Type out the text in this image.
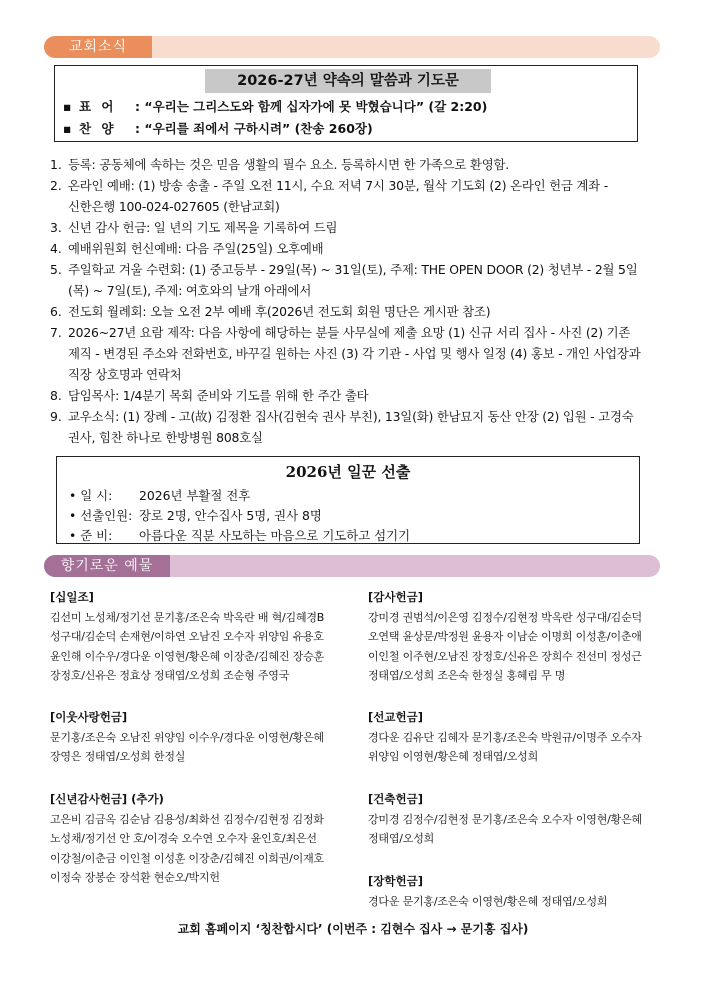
교회소식
2026-27년 약속의 말씀과 기도문
▪ 표 어 : “우리는 그리스도와 함께 십자가에 못 박혔습니다” (갈 2:20)
▪ 찬 양 : “우리를 죄에서 구하시려” (찬송 260장)
1. 등록: 공동체에 속하는 것은 믿음 생활의 필수 요소. 등록하시면 한 가족으로 환영함.
2. 온라인 예배: (1) 방송 송출 - 주일 오전 11시, 수요 저녁 7시 30분, 월삭 기도회 (2) 온라인 헌금 계좌 - 신한은행 100-024-027605 (한남교회)
3. 신년 감사 헌금: 일 년의 기도 제목을 기록하여 드림
4. 예배위원회 헌신예배: 다음 주일(25일) 오후예배
5. 주일학교 겨울 수련회: (1) 중고등부 - 29일(목) ~ 31일(토), 주제: THE OPEN DOOR (2) 청년부 - 2월 5일(목) ~ 7일(토), 주제: 여호와의 날개 아래에서
6. 전도회 월례회: 오늘 오전 2부 예배 후(2026년 전도회 회원 명단은 게시판 참조)
7. 2026~27년 요람 제작: 다음 사항에 해당하는 분들 사무실에 제출 요망 (1) 신규 서리 집사 - 사진 (2) 기존 제직 - 변경된 주소와 전화번호, 바꾸길 원하는 사진 (3) 각 기관 - 사업 및 행사 일정 (4) 홍보 - 개인 사업장과 직장 상호명과 연락처
8. 담임목사: 1/4분기 목회 준비와 기도를 위해 한 주간 출타
9. 교우소식: (1) 장례 - 고(故) 김정환 집사(김현숙 권사 부친), 13일(화) 한남묘지 동산 안장 (2) 입원 - 고경숙 권사, 힘찬 하나로 한방병원 808호실
2026년 일꾼 선출
• 일 시: 2026년 부활절 전후
• 선출인원: 장로 2명, 안수집사 5명, 권사 8명
• 준 비: 아름다운 직분 사모하는 마음으로 기도하고 섬기기
향기로운 예물
[십일조]
김선미 노성채/정기선 문기홍/조은숙 박옥란 배 혁/김혜경B 성구대/김순덕 손재현/이하연 오남진 오수자 위양임 유용호 윤인해 이수우/경다운 이영현/황은혜 이장춘/김혜진 장승훈 장정호/신유은 정효상 정태엽/오성희 조순형 주영국
[이웃사랑헌금]
문기홍/조은숙 오남진 위양임 이수우/경다운 이영현/황은혜 장영은 정태엽/오성희 한정실
[신년감사헌금] (추가)
고은비 김금옥 김순남 김용성/최화선 김정수/김현정 김정화 노성채/정기선 안 호/이경숙 오수연 오수자 윤인호/최은선 이강철/이춘금 이인철 이성훈 이장춘/김혜진 이희권/이재호 이정숙 장봉순 장석환 현순오/박지헌
[감사헌금]
강미경 권범석/이은영 김정수/김현정 박옥란 성구대/김순덕 오연택 윤상문/박정원 윤용자 이남순 이명희 이성훈/이춘애 이인철 이주현/오남진 장정호/신유은 장희수 전선미 정성근 정태엽/오성희 조은숙 한정실 홍혜림 무 명
[선교헌금]
경다운 김유단 김혜자 문기홍/조은숙 박원규/이명주 오수자 위양임 이영현/황은혜 정태엽/오성희
[건축헌금]
강미경 김정수/김현정 문기홍/조은숙 오수자 이영현/황은혜 정태엽/오성희
[장학헌금]
경다운 문기홍/조은숙 이영현/황은혜 정태엽/오성희
교회 홈페이지 ‘칭찬합시다’ (이번주 : 김현수 집사 → 문기홍 집사)
